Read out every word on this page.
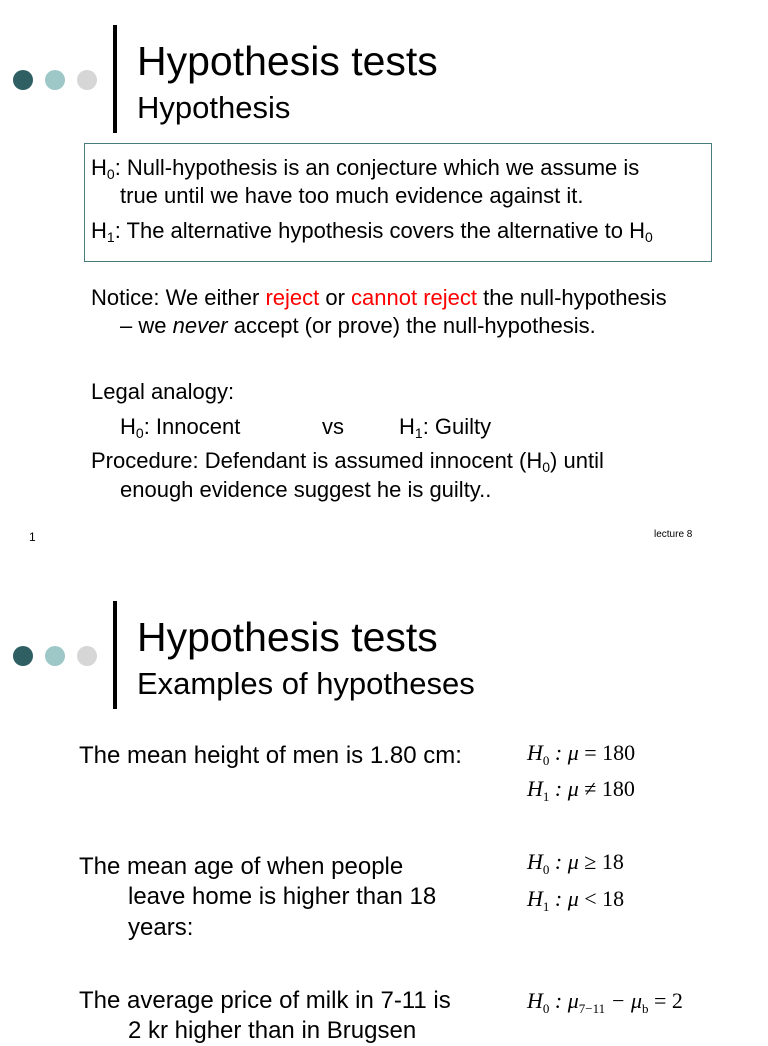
Hypothesis tests
Hypothesis
$H_0$: Null-hypothesis is an conjecture which we assume is
true until we have too much evidence against it.
$H_1$: The alternative hypothesis covers the alternative to $H_0$
Notice: We either reject or cannot reject the null-hypothesis
– we never accept (or prove) the null-hypothesis.
Legal analogy:
$H_0$: Innocent	vs	$H_1$: Guilty
Procedure: Defendant is assumed innocent $(H_0)$ until
enough evidence suggest he is guilty..
1	lecture 8
Hypothesis tests
Examples of hypotheses
The mean height of men is 1.80 cm:	$H_0$ : μ = 180
$H_1$ : μ ≠ 180
The mean age of when people
leave home is higher than 18
years:
$H_0$ : μ ≥ 18
$H_1$ : μ < 18
The average price of milk in 7-11 is
2 kr higher than in Brugsen
$H_0$ : $\mu_{7-11} - \mu_b = 2$
